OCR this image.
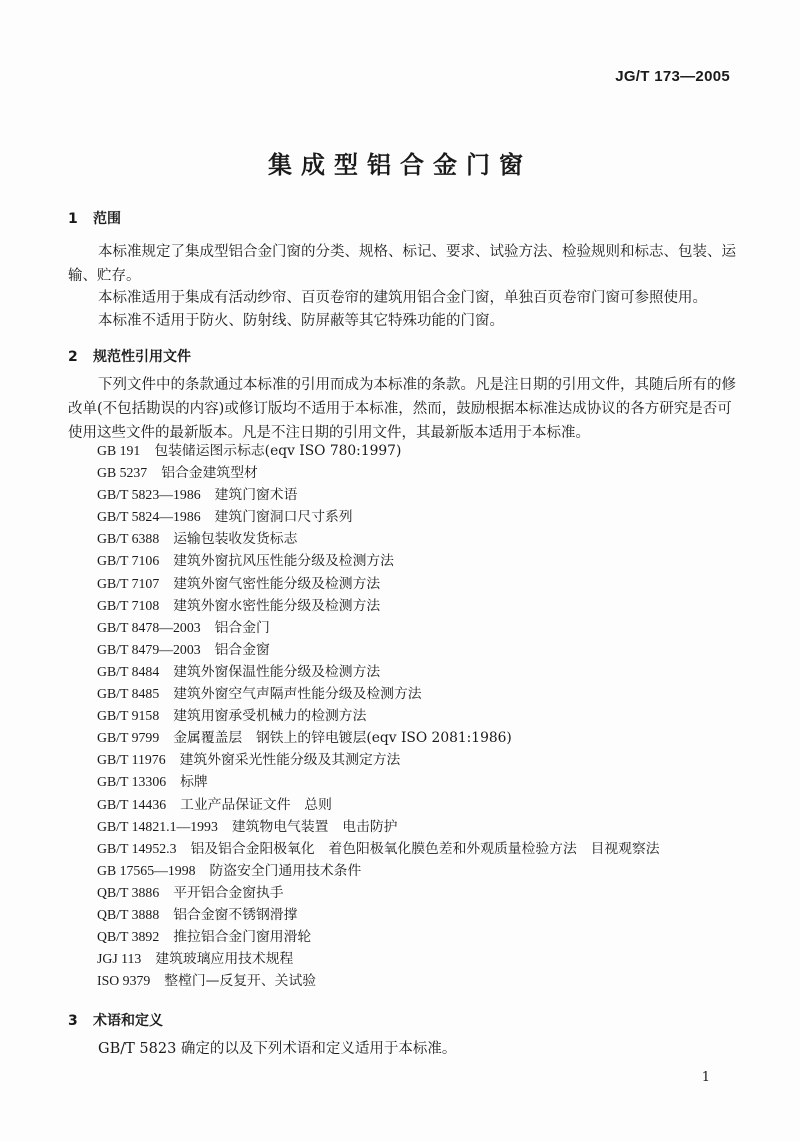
JG/T 173—2005
集成型铝合金门窗
1 范围
本标准规定了集成型铝合金门窗的分类、规格、标记、要求、试验方法、检验规则和标志、包装、运输、贮存。
本标准适用于集成有活动纱帘、百页卷帘的建筑用铝合金门窗，单独百页卷帘门窗可参照使用。
本标准不适用于防火、防射线、防屏蔽等其它特殊功能的门窗。
2 规范性引用文件
下列文件中的条款通过本标准的引用而成为本标准的条款。凡是注日期的引用文件，其随后所有的修改单(不包括勘误的内容)或修订版均不适用于本标准，然而，鼓励根据本标准达成协议的各方研究是否可使用这些文件的最新版本。凡是不注日期的引用文件，其最新版本适用于本标准。
GB 191 包装储运图示标志(eqv ISO 780:1997)
GB 5237 铝合金建筑型材
GB/T 5823—1986 建筑门窗术语
GB/T 5824—1986 建筑门窗洞口尺寸系列
GB/T 6388 运输包装收发货标志
GB/T 7106 建筑外窗抗风压性能分级及检测方法
GB/T 7107 建筑外窗气密性能分级及检测方法
GB/T 7108 建筑外窗水密性能分级及检测方法
GB/T 8478—2003 铝合金门
GB/T 8479—2003 铝合金窗
GB/T 8484 建筑外窗保温性能分级及检测方法
GB/T 8485 建筑外窗空气声隔声性能分级及检测方法
GB/T 9158 建筑用窗承受机械力的检测方法
GB/T 9799 金属覆盖层　钢铁上的锌电镀层(eqv ISO 2081:1986)
GB/T 11976 建筑外窗采光性能分级及其测定方法
GB/T 13306 标牌
GB/T 14436 工业产品保证文件　总则
GB/T 14821.1—1993 建筑物电气装置　电击防护
GB/T 14952.3 铝及铝合金阳极氧化　着色阳极氧化膜色差和外观质量检验方法　目视观察法
GB 17565—1998 防盗安全门通用技术条件
QB/T 3886 平开铝合金窗执手
QB/T 3888 铝合金窗不锈钢滑撑
QB/T 3892 推拉铝合金门窗用滑轮
JGJ 113 建筑玻璃应用技术规程
ISO 9379 整樘门—反复开、关试验
3 术语和定义
GB/T 5823 确定的以及下列术语和定义适用于本标准。
1
